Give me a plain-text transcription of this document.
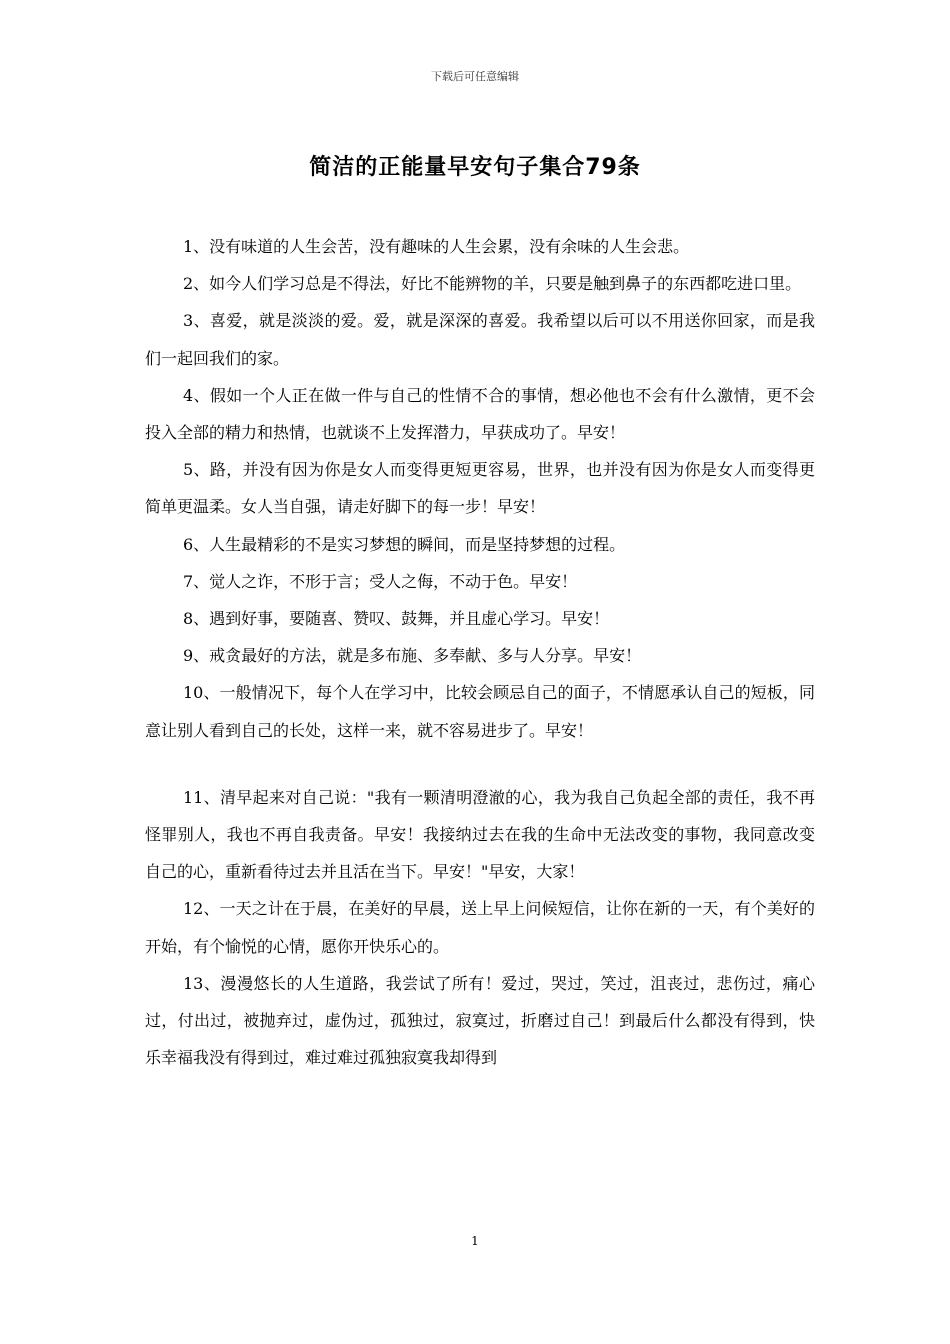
下载后可任意编辑
简洁的正能量早安句子集合79条

1、没有味道的人生会苦，没有趣味的人生会累，没有余味的人生会悲。

2、如今人们学习总是不得法，好比不能辨物的羊，只要是触到鼻子的东西都吃进口里。

3、喜爱，就是淡淡的爱。爱，就是深深的喜爱。我希望以后可以不用送你回家，而是我们一起回我们的家。

4、假如一个人正在做一件与自己的性情不合的事情，想必他也不会有什么激情，更不会投入全部的精力和热情，也就谈不上发挥潜力，早获成功了。早安！

5、路，并没有因为你是女人而变得更短更容易，世界，也并没有因为你是女人而变得更简单更温柔。女人当自强，请走好脚下的每一步！早安！

6、人生最精彩的不是实习梦想的瞬间，而是坚持梦想的过程。

7、觉人之诈，不形于言；受人之侮，不动于色。早安！

8、遇到好事，要随喜、赞叹、鼓舞，并且虚心学习。早安！

9、戒贪最好的方法，就是多布施、多奉献、多与人分享。早安！

10、一般情况下，每个人在学习中，比较会顾忌自己的面子，不情愿承认自己的短板，同意让别人看到自己的长处，这样一来，就不容易进步了。早安！

11、清早起来对自己说："我有一颗清明澄澈的心，我为我自己负起全部的责任，我不再怪罪别人，我也不再自我责备。早安！我接纳过去在我的生命中无法改变的事物，我同意改变自己的心，重新看待过去并且活在当下。早安！"早安，大家！

12、一天之计在于晨，在美好的早晨，送上早上问候短信，让你在新的一天，有个美好的开始，有个愉悦的心情，愿你开快乐心的。

13、漫漫悠长的人生道路，我尝试了所有！爱过，哭过，笑过，沮丧过，悲伤过，痛心过，付出过，被抛弃过，虚伪过，孤独过，寂寞过，折磨过自己！到最后什么都没有得到，快乐幸福我没有得到过，难过难过孤独寂寞我却得到

1
